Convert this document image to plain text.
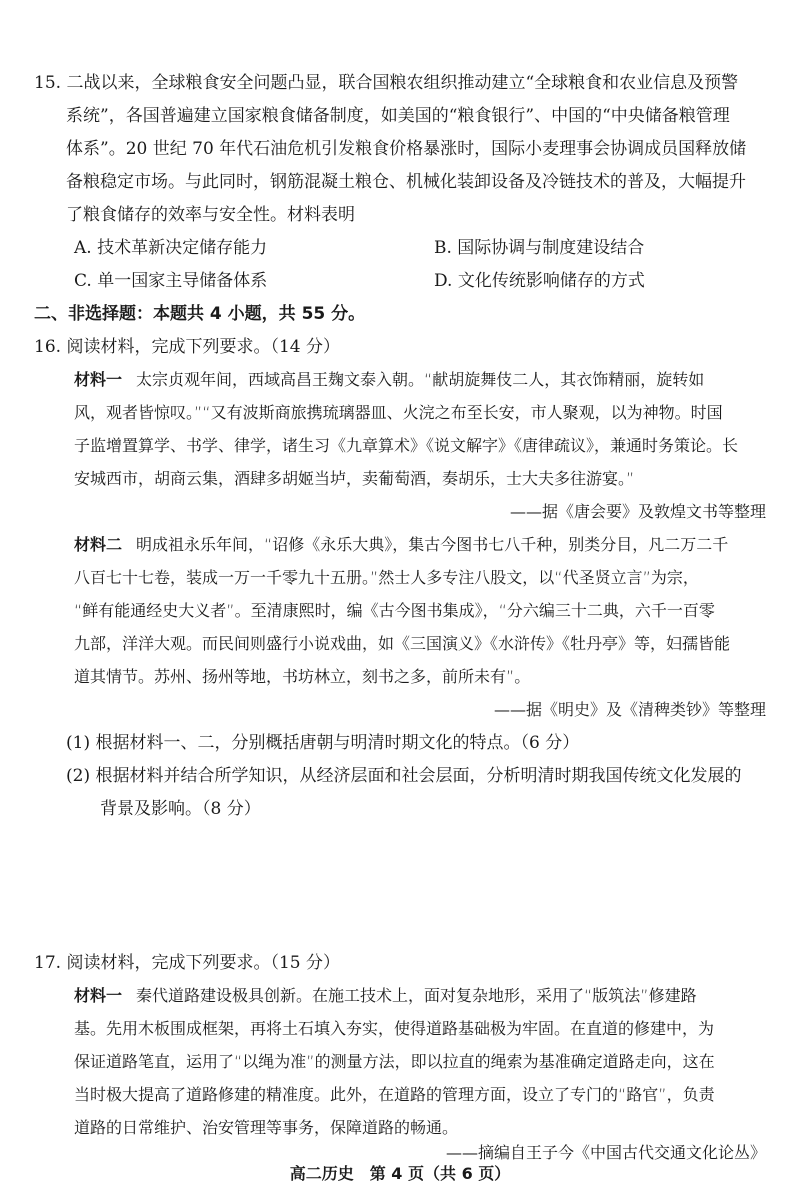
15. 二战以来，全球粮食安全问题凸显，联合国粮农组织推动建立“全球粮食和农业信息及预警
系统”，各国普遍建立国家粮食储备制度，如美国的“粮食银行”、中国的“中央储备粮管理
体系”。20 世纪 70 年代石油危机引发粮食价格暴涨时，国际小麦理事会协调成员国释放储
备粮稳定市场。与此同时，钢筋混凝土粮仓、机械化装卸设备及冷链技术的普及，大幅提升
了粮食储存的效率与安全性。材料表明
A. 技术革新决定储存能力	B. 国际协调与制度建设结合
C. 单一国家主导储备体系	D. 文化传统影响储存的方式
二、非选择题：本题共 4 小题，共 55 分。
16. 阅读材料，完成下列要求。（14 分）
材料一 太宗贞观年间，西域高昌王麹文泰入朝。“献胡旋舞伎二人，其衣饰精丽，旋转如
风，观者皆惊叹。”“又有波斯商旅携琉璃器皿、火浣之布至长安，市人聚观，以为神物。时国
子监增置算学、书学、律学，诸生习《九章算术》《说文解字》《唐律疏议》，兼通时务策论。长
安城西市，胡商云集，酒肆多胡姬当垆，卖葡萄酒，奏胡乐，士大夫多往游宴。”
——据《唐会要》及敦煌文书等整理
材料二 明成祖永乐年间，“诏修《永乐大典》，集古今图书七八千种，别类分目，凡二万二千
八百七十七卷，装成一万一千零九十五册。”然士人多专注八股文，以“代圣贤立言”为宗，
“鲜有能通经史大义者”。至清康熙时，编《古今图书集成》，“分六编三十二典，六千一百零
九部，洋洋大观。而民间则盛行小说戏曲，如《三国演义》《水浒传》《牡丹亭》等，妇孺皆能
道其情节。苏州、扬州等地，书坊林立，刻书之多，前所未有”。
——据《明史》及《清稗类钞》等整理
(1) 根据材料一、二，分别概括唐朝与明清时期文化的特点。（6 分）
(2) 根据材料并结合所学知识，从经济层面和社会层面，分析明清时期我国传统文化发展的
背景及影响。（8 分）
17. 阅读材料，完成下列要求。（15 分）
材料一 秦代道路建设极具创新。在施工技术上，面对复杂地形，采用了“版筑法”修建路
基。先用木板围成框架，再将土石填入夯实，使得道路基础极为牢固。在直道的修建中，为
保证道路笔直，运用了“以绳为准”的测量方法，即以拉直的绳索为基准确定道路走向，这在
当时极大提高了道路修建的精准度。此外，在道路的管理方面，设立了专门的“路官”，负责
道路的日常维护、治安管理等事务，保障道路的畅通。
——摘编自王子今《中国古代交通文化论丛》
高二历史　第 4 页（共 6 页）
